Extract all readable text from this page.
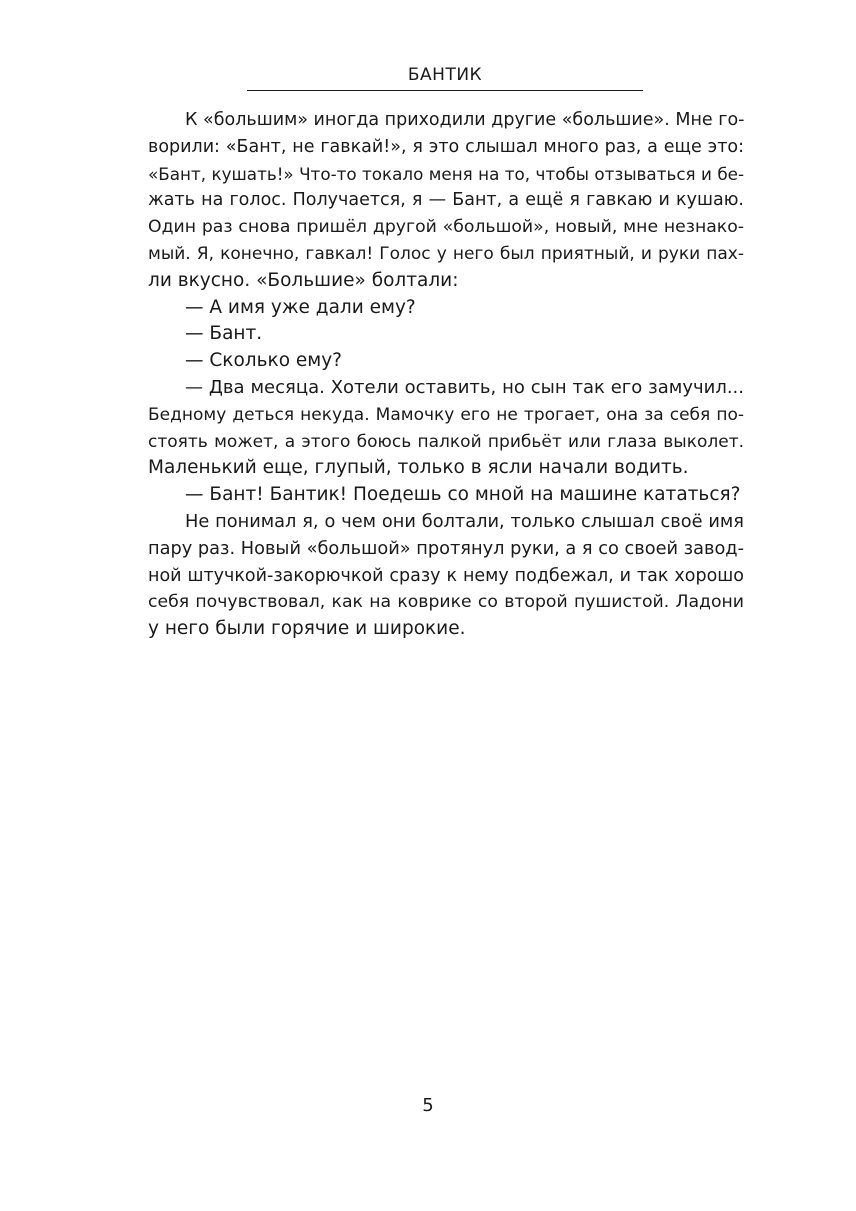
БАНТИК
К «большим» иногда приходили другие «большие». Мне го-
ворили: «Бант, не гавкай!», я это слышал много раз, а еще это:
«Бант, кушать!» Что-то токало меня на то, чтобы отзываться и бе-
жать на голос. Получается, я — Бант, а ещё я гавкаю и кушаю.
Один раз снова пришёл другой «большой», новый, мне незнако-
мый. Я, конечно, гавкал! Голос у него был приятный, и руки пах-
ли вкусно. «Большие» болтали:
— А имя уже дали ему?
— Бант.
— Сколько ему?
— Два месяца. Хотели оставить, но сын так его замучил...
Бедному деться некуда. Мамочку его не трогает, она за себя по-
стоять может, а этого боюсь палкой прибьёт или глаза выколет.
Маленький еще, глупый, только в ясли начали водить.
— Бант! Бантик! Поедешь со мной на машине кататься?
Не понимал я, о чем они болтали, только слышал своё имя
пару раз. Новый «большой» протянул руки, а я со своей завод-
ной штучкой-закорючкой сразу к нему подбежал, и так хорошо
себя почувствовал, как на коврике со второй пушистой. Ладони
у него были горячие и широкие.
5
